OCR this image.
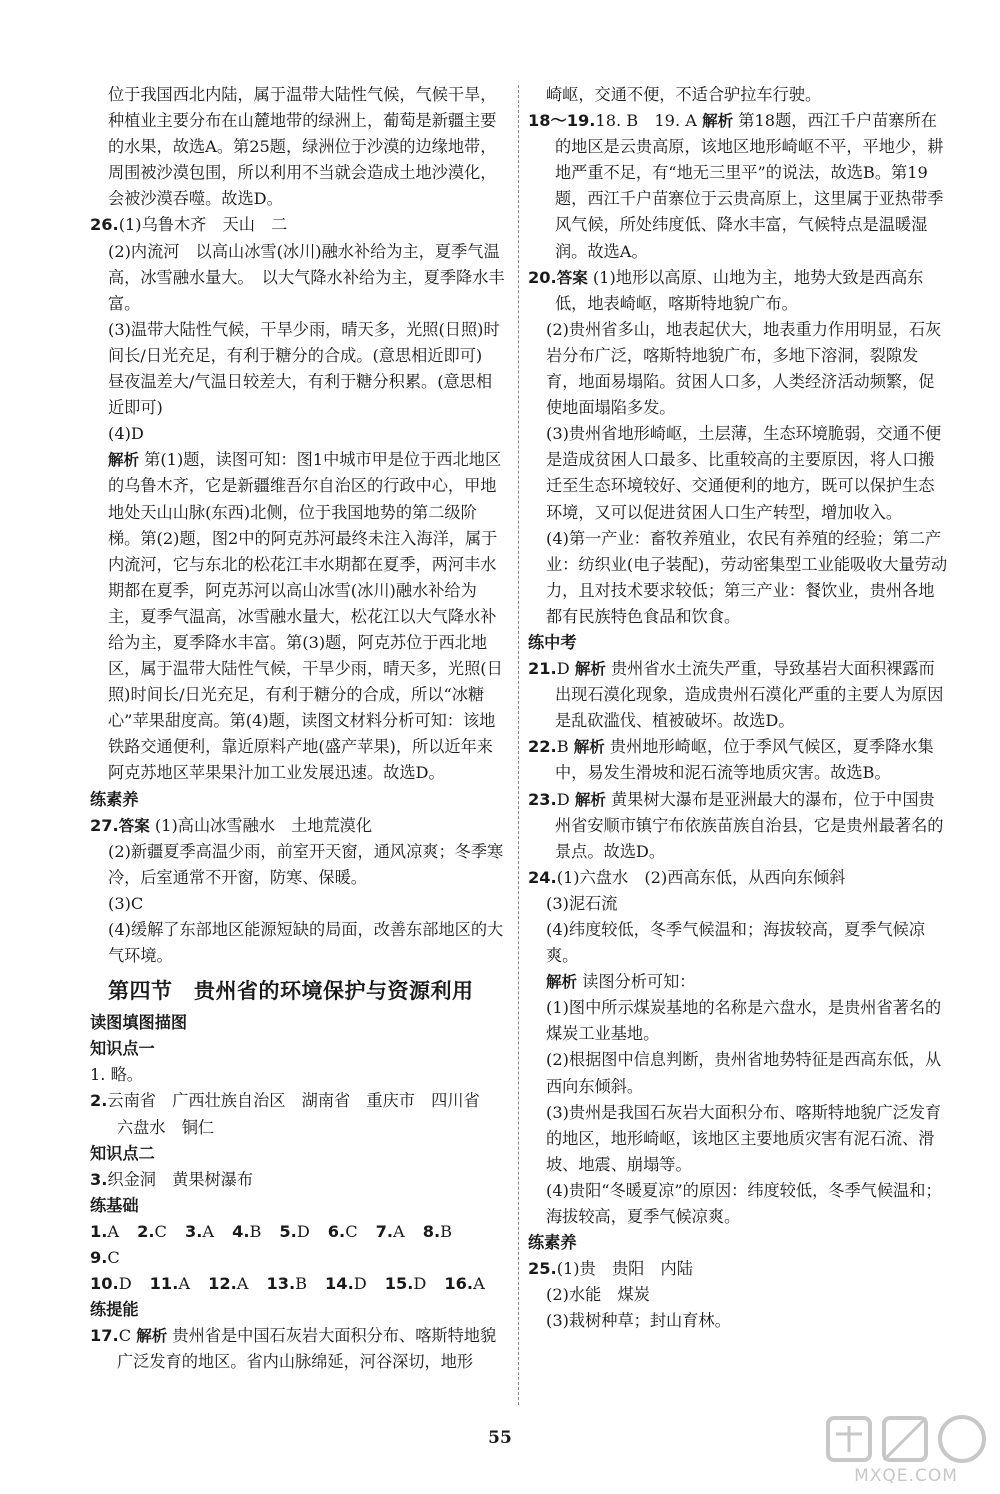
位于我国西北内陆，属于温带大陆性气候，气候干旱，种植业主要分布在山麓地带的绿洲上，葡萄是新疆主要的水果，故选A。第25题，绿洲位于沙漠的边缘地带，周围被沙漠包围，所以利用不当就会造成土地沙漠化，会被沙漠吞噬。故选D。

26.(1)乌鲁木齐　天山　二

(2)内流河　以高山冰雪(冰川)融水补给为主，夏季气温高，冰雪融水量大。　以大气降水补给为主，夏季降水丰富。

(3)温带大陆性气候，干旱少雨，晴天多，光照(日照)时间长/日光充足，有利于糖分的合成。(意思相近即可)　昼夜温差大/气温日较差大，有利于糖分积累。(意思相近即可)

(4)D

解析 第(1)题，读图可知：图1中城市甲是位于西北地区的乌鲁木齐，它是新疆维吾尔自治区的行政中心，甲地地处天山山脉(东西)北侧，位于我国地势的第二级阶梯。第(2)题，图2中的阿克苏河最终未注入海洋，属于内流河，它与东北的松花江丰水期都在夏季，两河丰水期都在夏季，阿克苏河以高山冰雪(冰川)融水补给为主，夏季气温高，冰雪融水量大，松花江以大气降水补给为主，夏季降水丰富。第(3)题，阿克苏位于西北地区，属于温带大陆性气候，干旱少雨，晴天多，光照(日照)时间长/日光充足，有利于糖分的合成，所以“冰糖心”苹果甜度高。第(4)题，读图文材料分析可知：该地铁路交通便利，靠近原料产地(盛产苹果)，所以近年来阿克苏地区苹果果汁加工业发展迅速。故选D。

练素养

27.答案 (1)高山冰雪融水　土地荒漠化

(2)新疆夏季高温少雨，前室开天窗，通风凉爽；冬季寒冷，后室通常不开窗，防寒、保暖。

(3)C

(4)缓解了东部地区能源短缺的局面，改善东部地区的大气环境。

第四节　贵州省的环境保护与资源利用

读图填图描图

知识点一

1. 略。

2.云南省　广西壮族自治区　湖南省　重庆市　四川省　六盘水　铜仁

知识点二

3.织金洞　黄果树瀑布

练基础

1.A 2.C 3.A 4.B 5.D 6.C 7.A 8.B
9.C
10.D 11.A 12.A 13.B 14.D 15.D 16.A

练提能

17.C 解析 贵州省是中国石灰岩大面积分布、喀斯特地貌广泛发育的地区。省内山脉绵延，河谷深切，地形

崎岖，交通不便，不适合驴拉车行驶。

18～19.18. B　19. A 解析 第18题，西江千户苗寨所在的地区是云贵高原，该地区地形崎岖不平，平地少，耕地严重不足，有“地无三里平”的说法，故选B。第19题，西江千户苗寨位于云贵高原上，这里属于亚热带季风气候，所处纬度低、降水丰富，气候特点是温暖湿润。故选A。
20.答案 (1)地形以高原、山地为主，地势大致是西高东低，地表崎岖，喀斯特地貌广布。

(2)贵州省多山，地表起伏大，地表重力作用明显，石灰岩分布广泛，喀斯特地貌广布，多地下溶洞，裂隙发育，地面易塌陷。贫困人口多，人类经济活动频繁，促使地面塌陷多发。

(3)贵州省地形崎岖，土层薄，生态环境脆弱，交通不便是造成贫困人口最多、比重较高的主要原因，将人口搬迁至生态环境较好、交通便利的地方，既可以保护生态环境，又可以促进贫困人口生产转型，增加收入。

(4)第一产业：畜牧养殖业，农民有养殖的经验；第二产业：纺织业(电子装配)，劳动密集型工业能吸收大量劳动力，且对技术要求较低；第三产业：餐饮业，贵州各地都有民族特色食品和饮食。

练中考

21.D 解析 贵州省水土流失严重，导致基岩大面积裸露而出现石漠化现象，造成贵州石漠化严重的主要人为原因是乱砍滥伐、植被破坏。故选D。
22.B 解析 贵州地形崎岖，位于季风气候区，夏季降水集中，易发生滑坡和泥石流等地质灾害。故选B。
23.D 解析 黄果树大瀑布是亚洲最大的瀑布，位于中国贵州省安顺市镇宁布依族苗族自治县，它是贵州最著名的景点。故选D。
24.(1)六盘水　(2)西高东低，从西向东倾斜

(3)泥石流

(4)纬度较低，冬季气候温和；海拔较高，夏季气候凉爽。

解析 读图分析可知：

(1)图中所示煤炭基地的名称是六盘水，是贵州省著名的煤炭工业基地。

(2)根据图中信息判断，贵州省地势特征是西高东低，从西向东倾斜。

(3)贵州是我国石灰岩大面积分布、喀斯特地貌广泛发育的地区，地形崎岖，该地区主要地质灾害有泥石流、滑坡、地震、崩塌等。

(4)贵阳“冬暖夏凉”的原因：纬度较低，冬季气候温和；海拔较高，夏季气候凉爽。

练素养

25.(1)贵　贵阳　内陆

(2)水能　煤炭

(3)栽树种草；封山育林。

55
MXQE.COM
